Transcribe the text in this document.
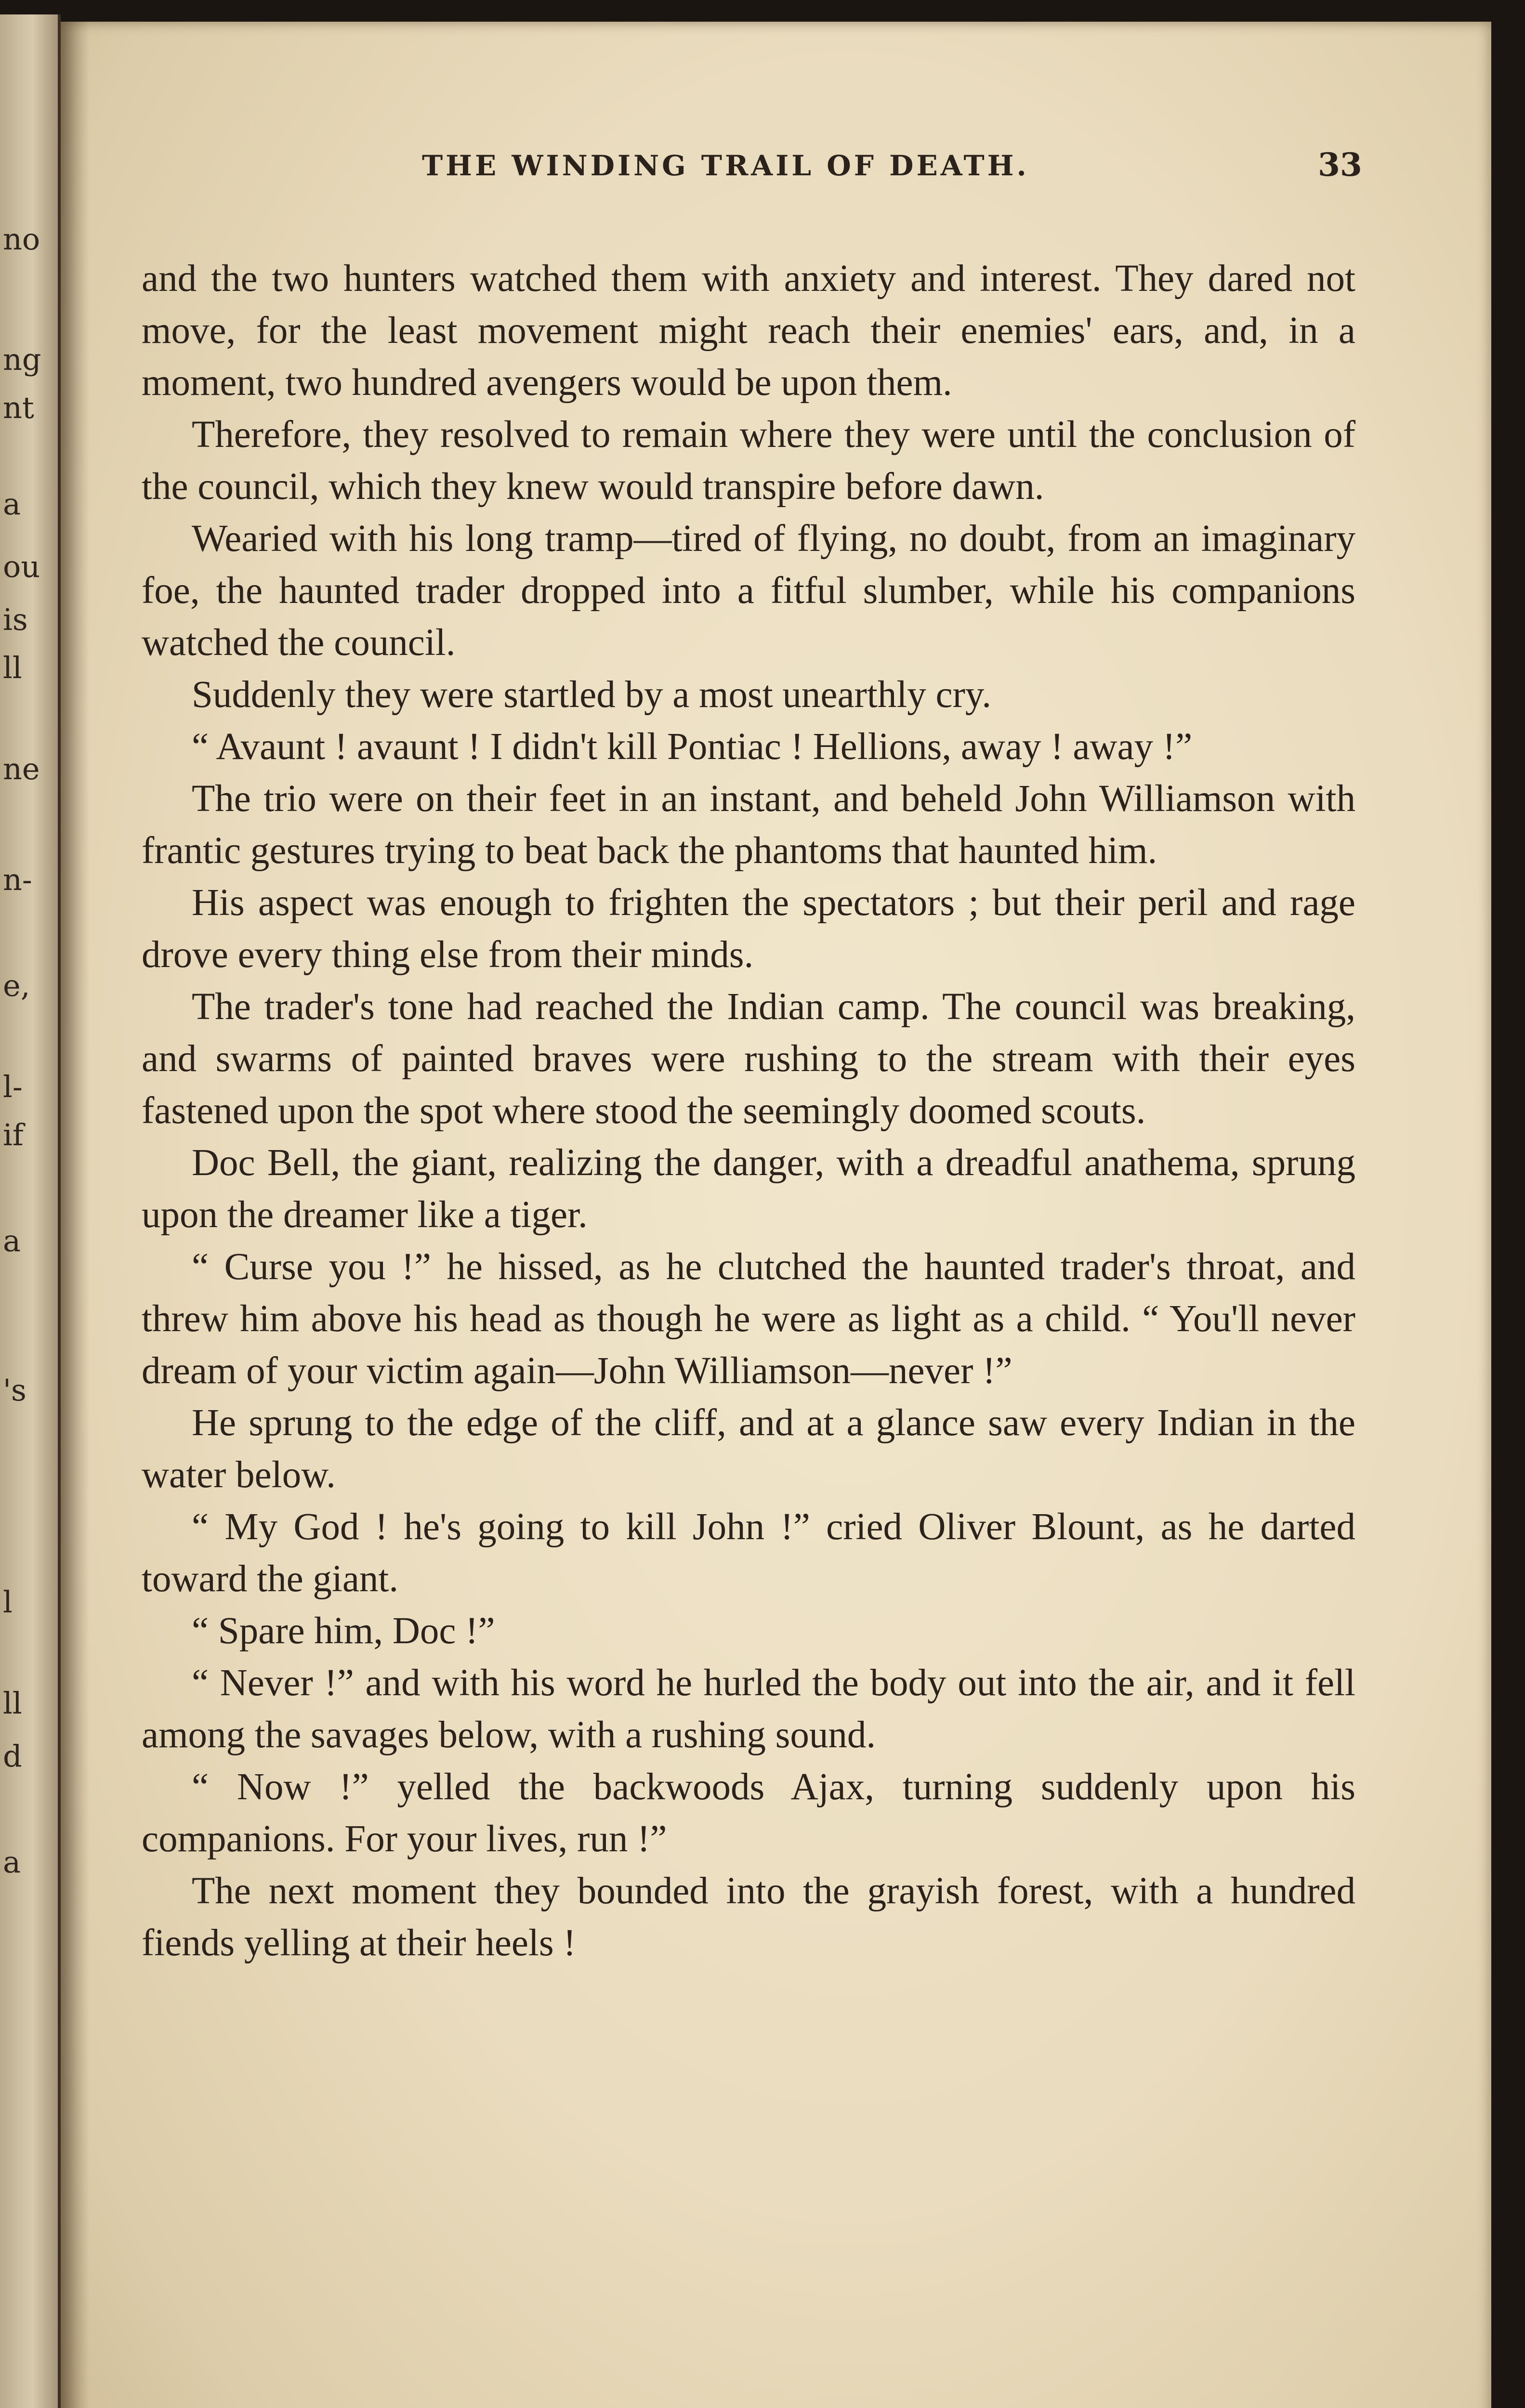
no
ng
nt
a
ou
is
ll
ne
n-
e,
l-
if
a
's
l
ll
d
a
THE WINDING TRAIL OF DEATH.	33

and the two hunters watched them with anxiety and interest. They dared not move, for the least movement might reach their enemies' ears, and, in a moment, two hundred avengers would be upon them.

Therefore, they resolved to remain where they were until the conclusion of the council, which they knew would transpire before dawn.

Wearied with his long tramp—tired of flying, no doubt, from an imaginary foe, the haunted trader dropped into a fitful slumber, while his companions watched the council.

Suddenly they were startled by a most unearthly cry.

“ Avaunt ! avaunt ! I didn't kill Pontiac ! Hellions, away ! away !”

The trio were on their feet in an instant, and beheld John Williamson with frantic gestures trying to beat back the phantoms that haunted him.

His aspect was enough to frighten the spectators ; but their peril and rage drove every thing else from their minds.

The trader's tone had reached the Indian camp. The council was breaking, and swarms of painted braves were rushing to the stream with their eyes fastened upon the spot where stood the seemingly doomed scouts.

Doc Bell, the giant, realizing the danger, with a dreadful anathema, sprung upon the dreamer like a tiger.

“ Curse you !” he hissed, as he clutched the haunted trader's throat, and threw him above his head as though he were as light as a child. “ You'll never dream of your victim again—John Williamson—never !”

He sprung to the edge of the cliff, and at a glance saw every Indian in the water below.

“ My God ! he's going to kill John !” cried Oliver Blount, as he darted toward the giant.

“ Spare him, Doc !”

“ Never !” and with his word he hurled the body out into the air, and it fell among the savages below, with a rushing sound.

“ Now !” yelled the backwoods Ajax, turning suddenly upon his companions. For your lives, run !”

The next moment they bounded into the grayish forest, with a hundred fiends yelling at their heels !
